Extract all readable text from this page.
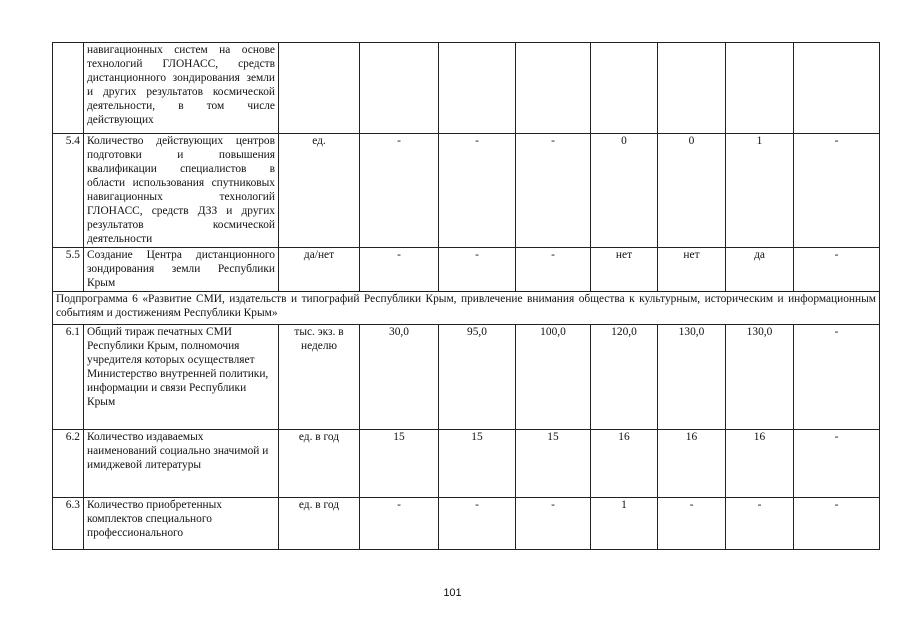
	навигационных систем на основе технологий ГЛОНАСС, средств дистанционного зондирования земли и других результатов космической деятельности, в том числе действующих								
5.4	Количество действующих центров подготовки и повышения квалификации специалистов в области использования спутниковых навигационных технологий ГЛОНАСС, средств ДЗЗ и других результатов космической деятельности	ед.	-	-	-	0	0	1	-
5.5	Создание Центра дистанционного зондирования земли Республики Крым	да/нет	-	-	-	нет	нет	да	-
Подпрограмма 6 «Развитие СМИ, издательств и типографий Республики Крым, привлечение внимания общества к культурным, историческим и информационным событиям и достижениям Республики Крым»									
6.1	Общий тираж печатных СМИ Республики Крым, полномочия учредителя которых осуществляет Министерство внутренней политики, информации и связи Республики Крым	тыс. экз. в неделю	30,0	95,0	100,0	120,0	130,0	130,0	-
6.2	Количество издаваемых наименований социально значимой и имиджевой литературы	ед. в год	15	15	15	16	16	16	-
6.3	Количество приобретенных комплектов специального профессионального	ед. в год	-	-	-	1	-	-	-
101
